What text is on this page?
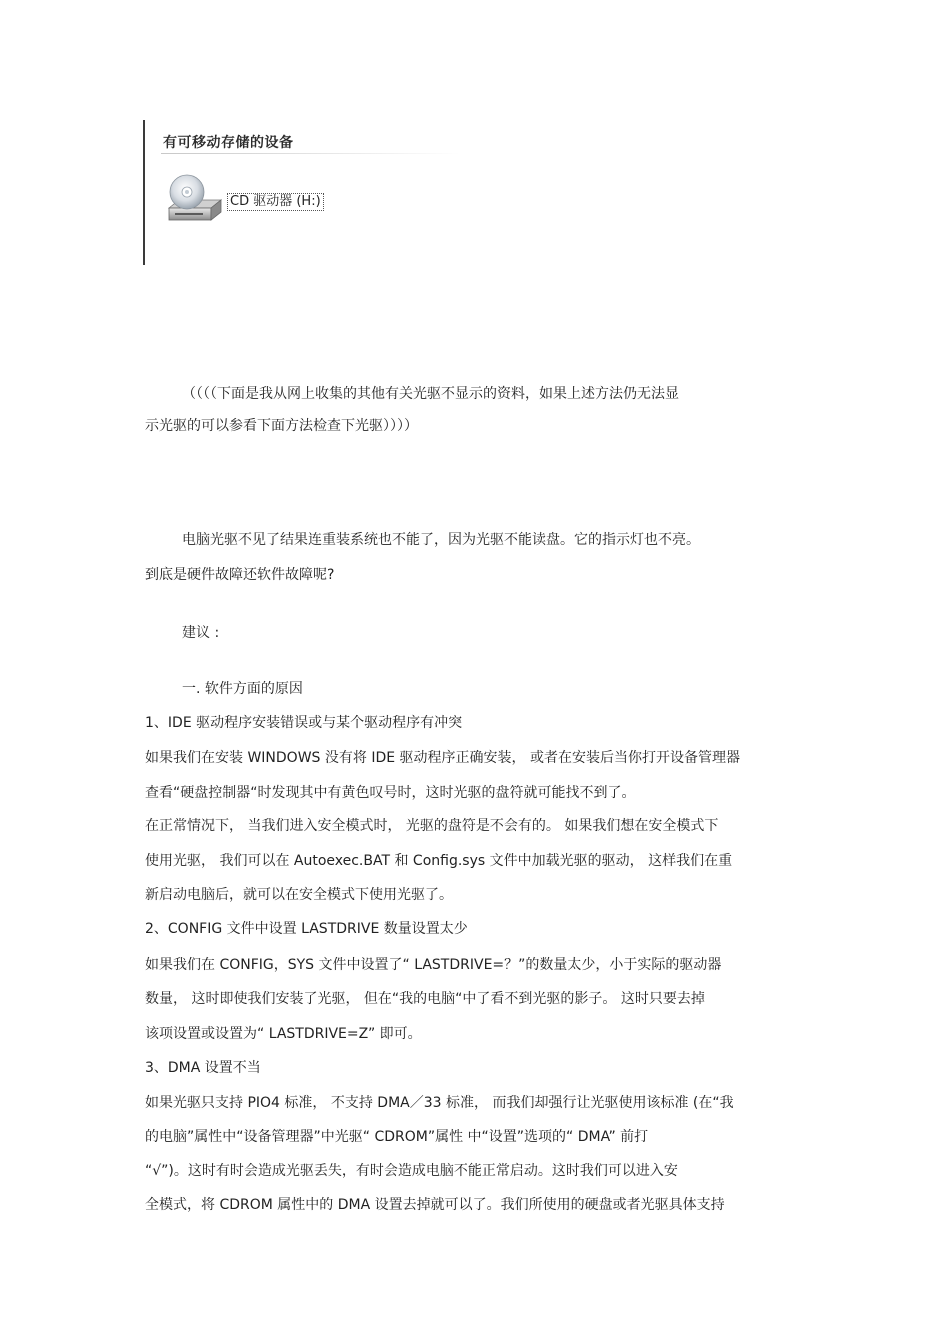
有可移动存储的设备
CD 驱动器 (H:)
（（（（下面是我从网上收集的其他有关光驱不显示的资料，如果上述方法仍无法显
示光驱的可以参看下面方法检查下光驱））））
电脑光驱不见了结果连重装系统也不能了，因为光驱不能读盘。它的指示灯也不亮。
到底是硬件故障还软件故障呢?
建议 :
一. 软件方面的原因
1、IDE 驱动程序安装错误或与某个驱动程序有冲突
如果我们在安装 WINDOWS 没有将 IDE 驱动程序正确安装， 或者在安装后当你打开设备管理器
查看“硬盘控制器“时发现其中有黄色叹号时，这时光驱的盘符就可能找不到了。
在正常情况下， 当我们进入安全模式时， 光驱的盘符是不会有的。 如果我们想在安全模式下
使用光驱， 我们可以在 Autoexec.BAT 和 Config.sys 文件中加载光驱的驱动， 这样我们在重
新启动电脑后，就可以在安全模式下使用光驱了。
2、CONFIG 文件中设置 LASTDRIVE 数量设置太少
如果我们在 CONFIG，SYS 文件中设置了“ LASTDRIVE=？”的数量太少，小于实际的驱动器
数量， 这时即使我们安装了光驱， 但在“我的电脑“中了看不到光驱的影子。 这时只要去掉
该项设置或设置为“ LASTDRIVE=Z” 即可。
3、DMA 设置不当
如果光驱只支持 PIO4 标准， 不支持 DMA／33 标准， 而我们却强行让光驱使用该标准 (在“我
的电脑”属性中“设备管理器”中光驱“ CDROM”属性 中“设置”选项的“ DMA” 前打
“√”)。这时有时会造成光驱丢失，有时会造成电脑不能正常启动。这时我们可以进入安
全模式，将 CDROM 属性中的 DMA 设置去掉就可以了。我们所使用的硬盘或者光驱具体支持
